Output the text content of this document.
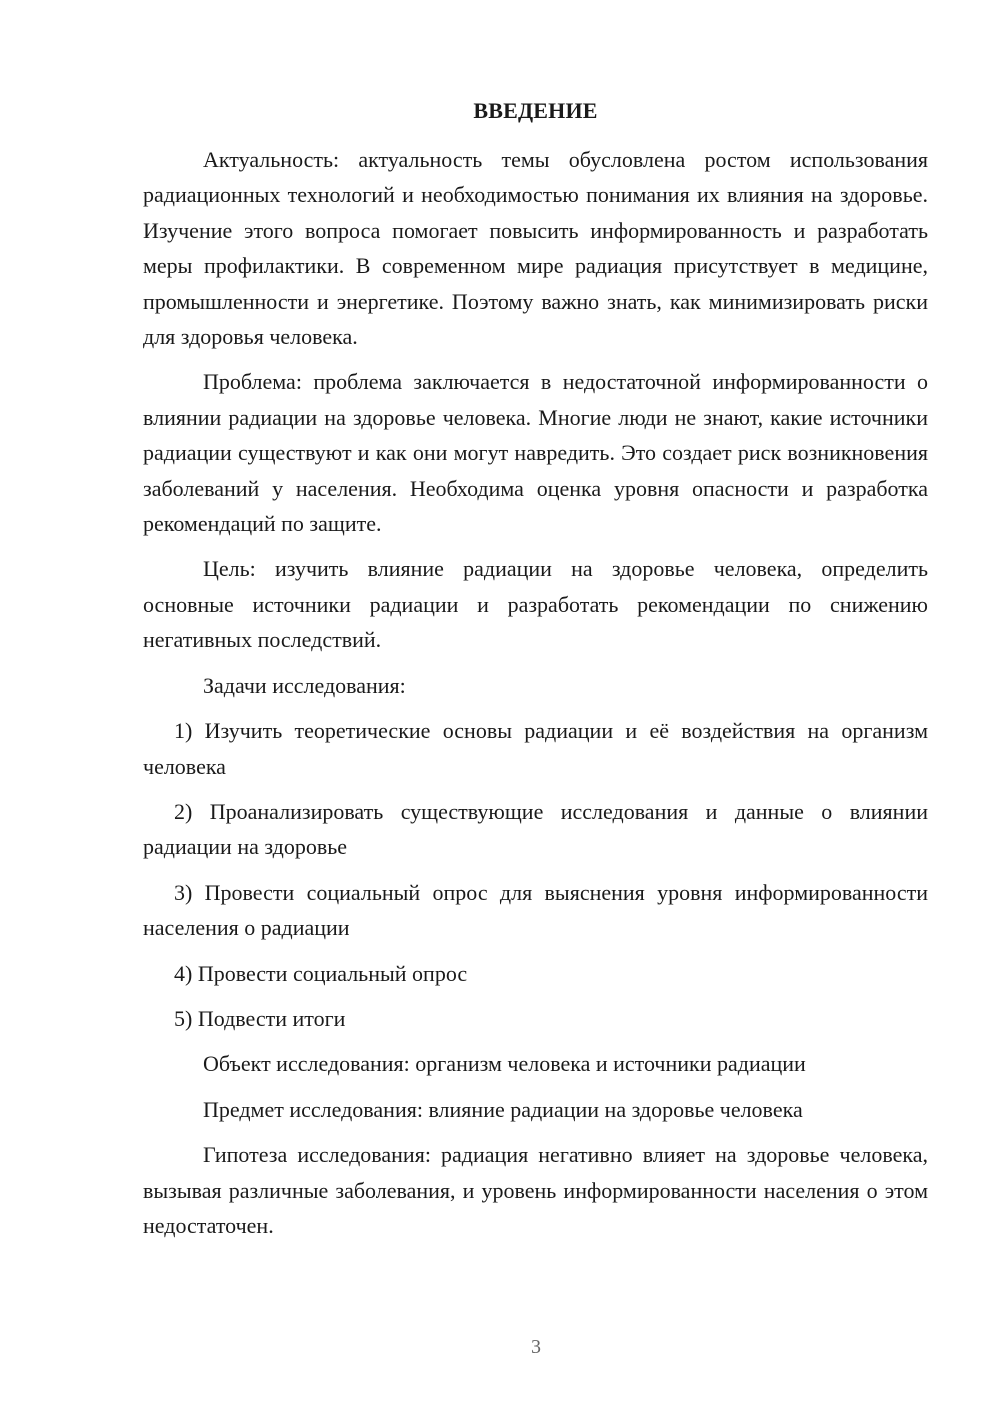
ВВЕДЕНИЕ

Актуальность: актуальность темы обусловлена ростом использования радиационных технологий и необходимостью понимания их влияния на здоровье. Изучение этого вопроса помогает повысить информированность и разработать меры профилактики. В современном мире радиация присутствует в медицине, промышленности и энергетике. Поэтому важно знать, как минимизировать риски для здоровья человека.

Проблема: проблема заключается в недостаточной информированности о влиянии радиации на здоровье человека. Многие люди не знают, какие источники радиации существуют и как они могут навредить. Это создает риск возникновения заболеваний у населения. Необходима оценка уровня опасности и разработка рекомендаций по защите.

Цель: изучить влияние радиации на здоровье человека, определить основные источники радиации и разработать рекомендации по снижению негативных последствий.

Задачи исследования:

1) Изучить теоретические основы радиации и её воздействия на организм человека

2) Проанализировать существующие исследования и данные о влиянии радиации на здоровье

3) Провести социальный опрос для выяснения уровня информированности населения о радиации

4) Провести социальный опрос

5) Подвести итоги

Объект исследования: организм человека и источники радиации

Предмет исследования: влияние радиации на здоровье человека

Гипотеза исследования: радиация негативно влияет на здоровье человека, вызывая различные заболевания, и уровень информированности населения о этом недостаточен.

3
